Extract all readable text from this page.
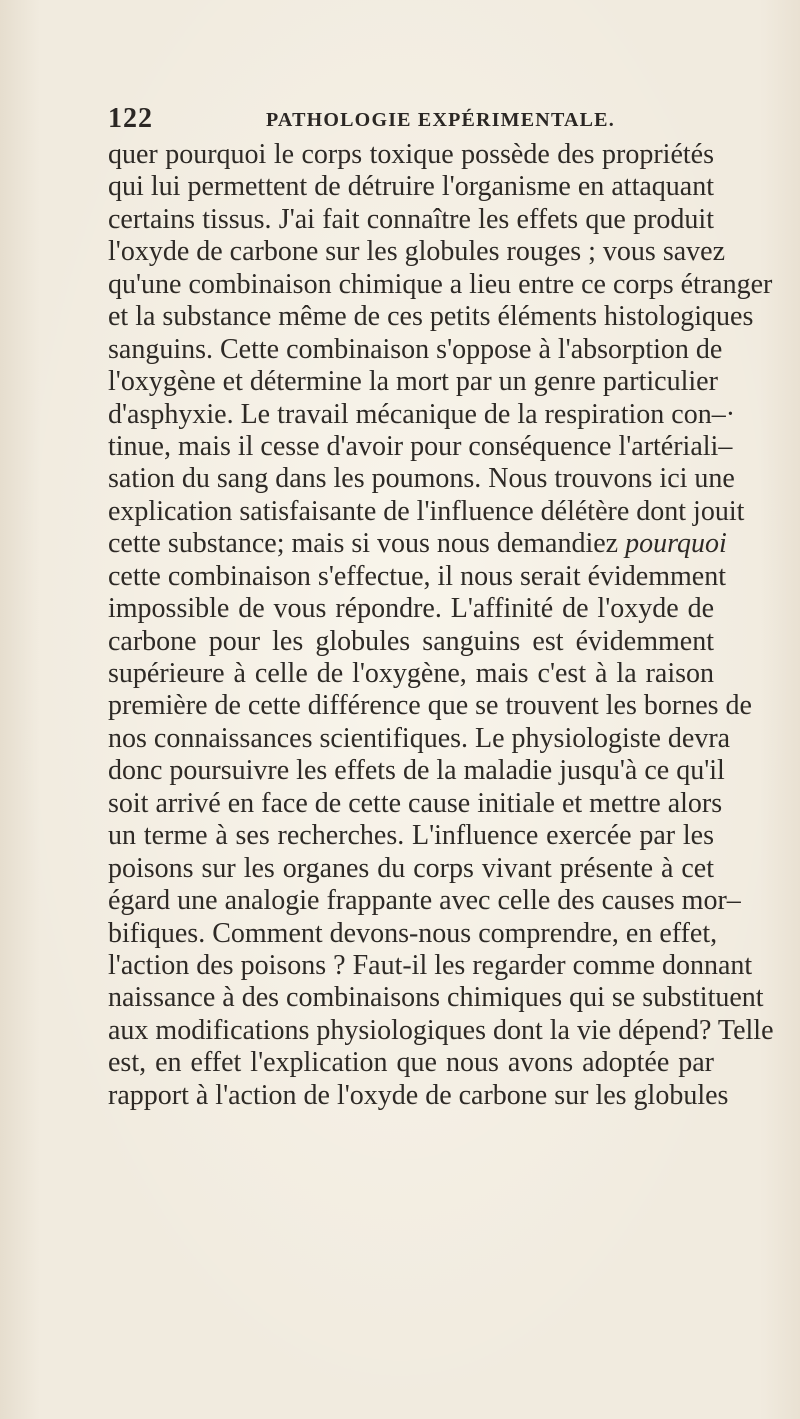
122	PATHOLOGIE EXPÉRIMENTALE.
quer pourquoi le corps toxique possède des propriétés
qui lui permettent de détruire l'organisme en attaquant
certains tissus. J'ai fait connaître les effets que produit
l'oxyde de carbone sur les globules rouges ; vous savez
qu'une combinaison chimique a lieu entre ce corps étranger
et la substance même de ces petits éléments histologiques
sanguins. Cette combinaison s'oppose à l'absorption de
l'oxygène et détermine la mort par un genre particulier
d'asphyxie. Le travail mécanique de la respiration con–·
tinue, mais il cesse d'avoir pour conséquence l'artériali–
sation du sang dans les poumons. Nous trouvons ici une
explication satisfaisante de l'influence délétère dont jouit
cette substance; mais si vous nous demandiez pourquoi
cette combinaison s'effectue, il nous serait évidemment
impossible de vous répondre. L'affinité de l'oxyde de
carbone pour les globules sanguins est évidemment
supérieure à celle de l'oxygène, mais c'est à la raison
première de cette différence que se trouvent les bornes de
nos connaissances scientifiques. Le physiologiste devra
donc poursuivre les effets de la maladie jusqu'à ce qu'il
soit arrivé en face de cette cause initiale et mettre alors
un terme à ses recherches. L'influence exercée par les
poisons sur les organes du corps vivant présente à cet
égard une analogie frappante avec celle des causes mor–
bifiques. Comment devons-nous comprendre, en effet,
l'action des poisons ? Faut-il les regarder comme donnant
naissance à des combinaisons chimiques qui se substituent
aux modifications physiologiques dont la vie dépend? Telle
est, en effet l'explication que nous avons adoptée par
rapport à l'action de l'oxyde de carbone sur les globules
